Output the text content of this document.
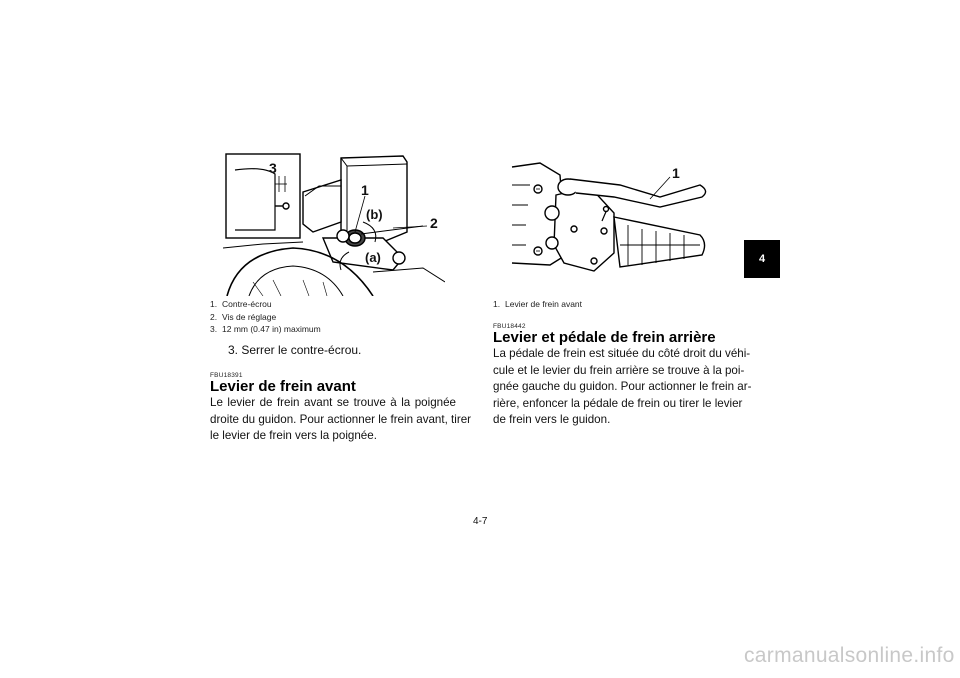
3
1
(b)
2
(a)
1. Contre-écrou
2. Vis de réglage
3. 12 mm (0.47 in) maximum
3. Serrer le contre-écrou.
FBU18391
Levier de frein avant
Le levier de frein avant se trouve à la poignée
droite du guidon. Pour actionner le frein avant, tirer
le levier de frein vers la poignée.
1
1. Levier de frein avant
FBU18442
Levier et pédale de frein arrière
La pédale de frein est située du côté droit du véhi-
cule et le levier du frein arrière se trouve à la poi-
gnée gauche du guidon. Pour actionner le frein ar-
rière, enfoncer la pédale de frein ou tirer le levier
de frein vers le guidon.
4
4-7
carmanualsonline.info
